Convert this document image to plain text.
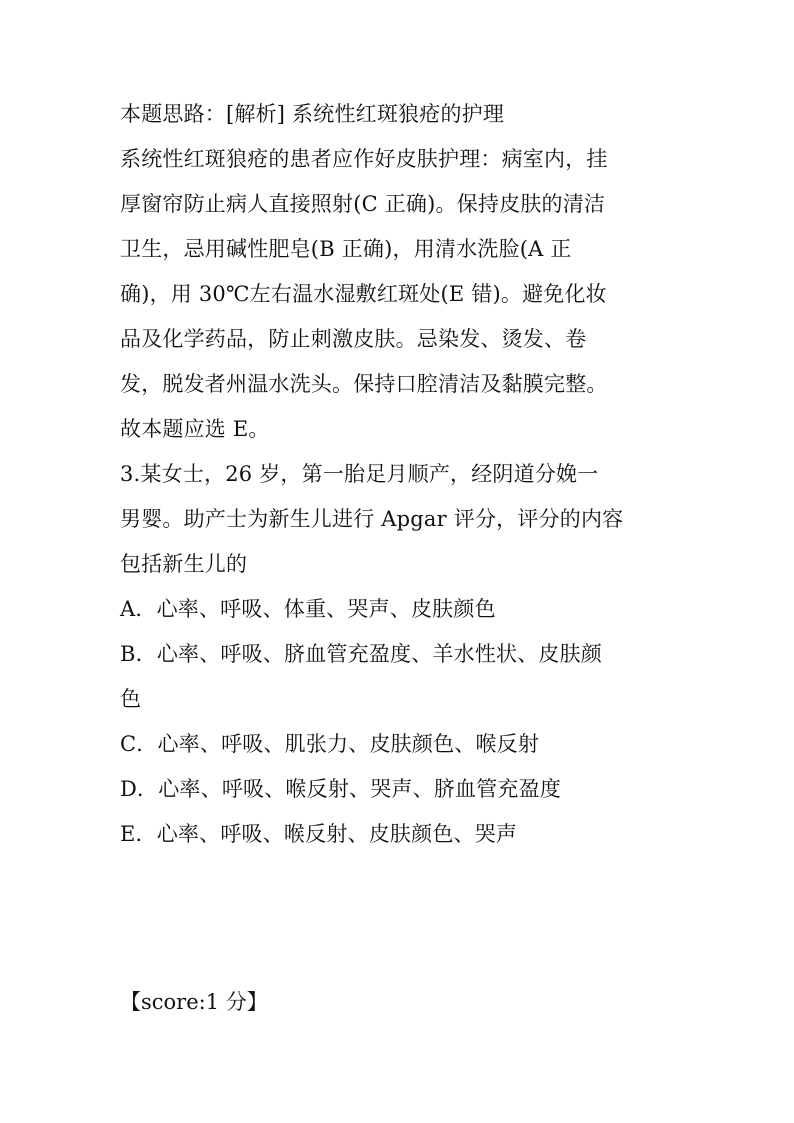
本题思路：[解析] 系统性红斑狼疮的护理

系统性红斑狼疮的患者应作好皮肤护理：病室内，挂

厚窗帘防止病人直接照射(C 正确)。保持皮肤的清洁

卫生，忌用碱性肥皂(B 正确)，用清水洗脸(A 正

确)，用 30℃左右温水湿敷红斑处(E 错)。避免化妆

品及化学药品，防止刺激皮肤。忌染发、烫发、卷

发，脱发者州温水洗头。保持口腔清洁及黏膜完整。

故本题应选 E。

3.某女士，26 岁，第一胎足月顺产，经阴道分娩一

男婴。助产士为新生儿进行 Apgar 评分，评分的内容

包括新生儿的

A．心率、呼吸、体重、哭声、皮肤颜色

B．心率、呼吸、脐血管充盈度、羊水性状、皮肤颜

色

C．心率、呼吸、肌张力、皮肤颜色、喉反射

D．心率、呼吸、喉反射、哭声、脐血管充盈度

E．心率、呼吸、喉反射、皮肤颜色、哭声

【score:1 分】
